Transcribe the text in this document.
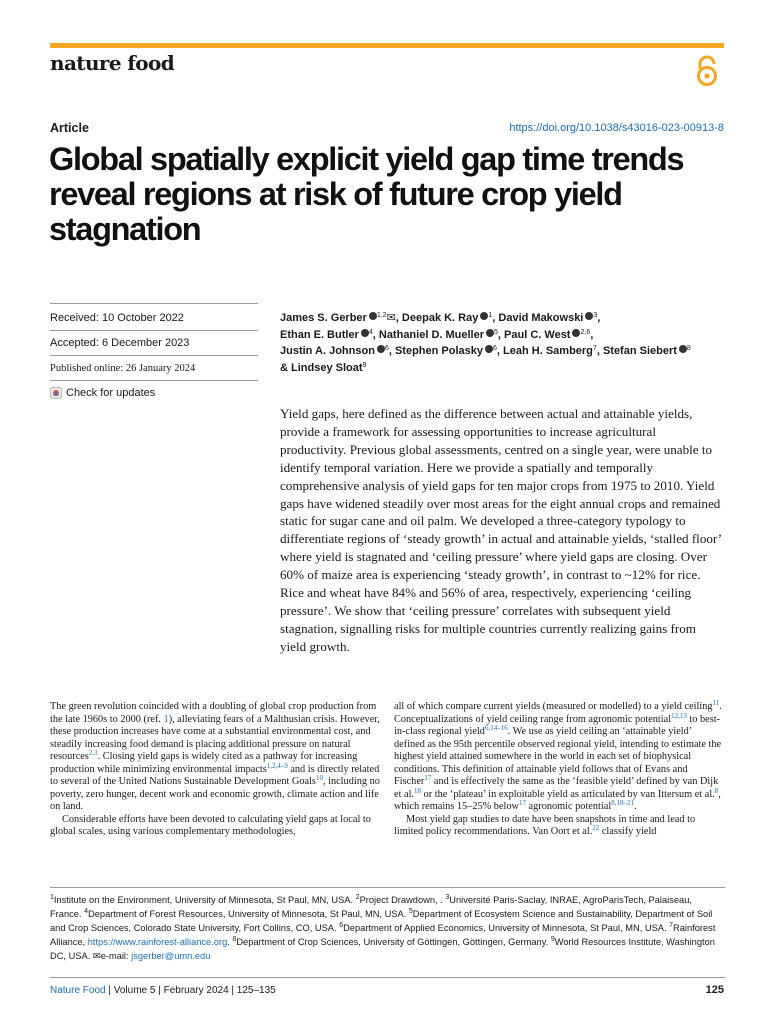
nature food
Article	https://doi.org/10.1038/s43016-023-00913-8
Global spatially explicit yield gap time trends reveal regions at risk of future crop yield stagnation
Received: 10 October 2022
Accepted: 6 December 2023
Published online: 26 January 2024
Check for updates
James S. Gerber $^{1,2}$✉, Deepak K. Ray $^1$, David Makowski $^3$,
Ethan E. Butler $^4$, Nathaniel D. Mueller $^5$, Paul C. West $^{2,6}$,
Justin A. Johnson $^6$, Stephen Polasky $^6$, Leah H. Samberg$^7$, Stefan Siebert $^8$
& Lindsey Sloat$^9$

Yield gaps, here defined as the difference between actual and attainable yields, provide a framework for assessing opportunities to increase agricultural productivity. Previous global assessments, centred on a single year, were unable to identify temporal variation. Here we provide a spatially and temporally comprehensive analysis of yield gaps for ten major crops from 1975 to 2010. Yield gaps have widened steadily over most areas for the eight annual crops and remained static for sugar cane and oil palm. We developed a three-category typology to differentiate regions of ‘steady growth’ in actual and attainable yields, ‘stalled floor’ where yield is stagnated and ‘ceiling pressure’ where yield gaps are closing. Over 60% of maize area is experiencing ‘steady growth’, in contrast to ~12% for rice. Rice and wheat have 84% and 56% of area, respectively, experiencing ‘ceiling pressure’. We show that ‘ceiling pressure’ correlates with subsequent yield stagnation, signalling risks for multiple countries currently realizing gains from yield growth.

The green revolution coincided with a doubling of global crop production from the late 1960s to 2000 (ref. 1), alleviating fears of a Malthusian crisis. However, these production increases have come at a substantial environmental cost, and steadily increasing food demand is placing additional pressure on natural resources$^{2,3}$. Closing yield gaps is widely cited as a pathway for increasing production while minimizing environmental impacts$^{1,2,4-9}$ and is directly related to several of the United Nations Sustainable Development Goals$^{10}$, including no poverty, zero hunger, decent work and economic growth, climate action and life on land.

Considerable efforts have been devoted to calculating yield gaps at local to global scales, using various complementary methodologies,

all of which compare current yields (measured or modelled) to a yield ceiling$^{11}$. Conceptualizations of yield ceiling range from agronomic potential$^{12,13}$ to best-in-class regional yield$^{6,14-16}$. We use as yield ceiling an ‘attainable yield’ defined as the 95th percentile observed regional yield, intending to estimate the highest yield attained somewhere in the world in each set of biophysical conditions. This definition of attainable yield follows that of Evans and Fischer$^{17}$ and is effectively the same as the ‘feasible yield’ defined by van Dijk et al.$^{18}$ or the ‘plateau’ in exploitable yield as articulated by van Ittersum et al.$^8$, which remains 15–25% below$^{17}$ agronomic potential$^{8,18-21}$.

Most yield gap studies to date have been snapshots in time and lead to limited policy recommendations. Van Oort et al.$^{22}$ classify yield

$^1$Institute on the Environment, University of Minnesota, St Paul, MN, USA. $^2$Project Drawdown, . $^3$Université Paris-Saclay, INRAE, AgroParisTech, Palaiseau, France. $^4$Department of Forest Resources, University of Minnesota, St Paul, MN, USA. $^5$Department of Ecosystem Science and Sustainability, Department of Soil and Crop Sciences, Colorado State University, Fort Collins, CO, USA. $^6$Department of Applied Economics, University of Minnesota, St Paul, MN, USA. $^7$Rainforest Alliance, https://www.rainforest-alliance.org. $^8$Department of Crop Sciences, University of Göttingen, Göttingen, Germany. $^9$World Resources Institute, Washington DC, USA. ✉e-mail: jsgerber@umn.edu

Nature Food | Volume 5 | February 2024 | 125–135	125
